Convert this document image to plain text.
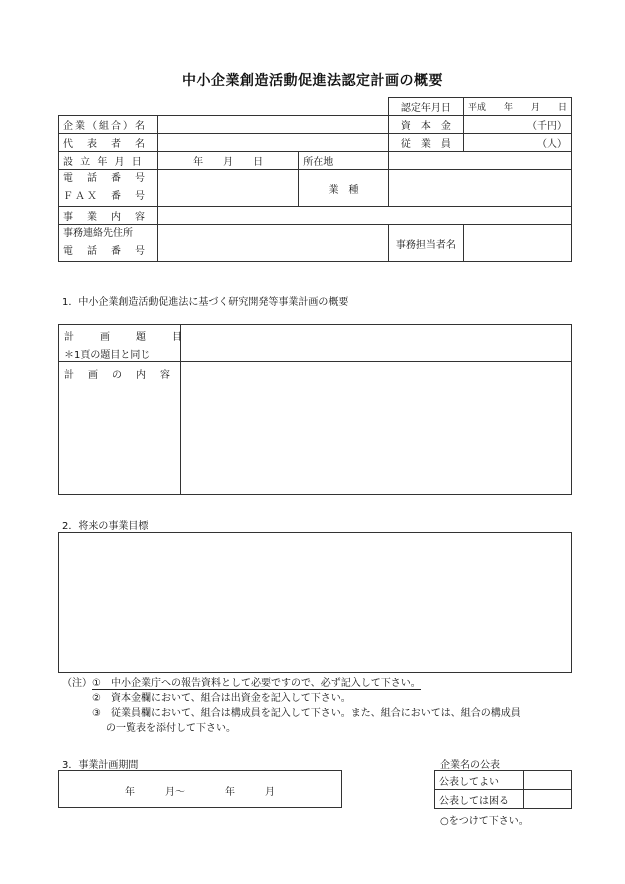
中小企業創造活動促進法認定計画の概要
				認定年月日	平成　　年　　月　　日
企業（組合）名				資　本　金	（千円）
代　表　者　名				従　業　員	（人）
設 立 年 月 日	年　　月　　日	所在地			

電　話　番　号
ＦＡＸ　番　号		業　種			
事　業　内　容					

事務連絡先住所
電　話　番　号				事務担当者名	
1．中小企業創造活動促進法に基づく研究開発等事業計画の概要
計　　画　　題　　目
＊1頁の題目と同じ
計　画　の　内　容
2．将来の事業目標
（注）①　中小企業庁への報告資料として必要ですので、必ず記入して下さい。
②　資本金欄において、組合は出資金を記入して下さい。
③　従業員欄において、組合は構成員を記入して下さい。また、組合においては、組合の構成員
の一覧表を添付して下さい。
3．事業計画期間
年　　　月～　　　　年　　　月
企業名の公表
公表してよい	
公表しては困る	
○をつけて下さい。
